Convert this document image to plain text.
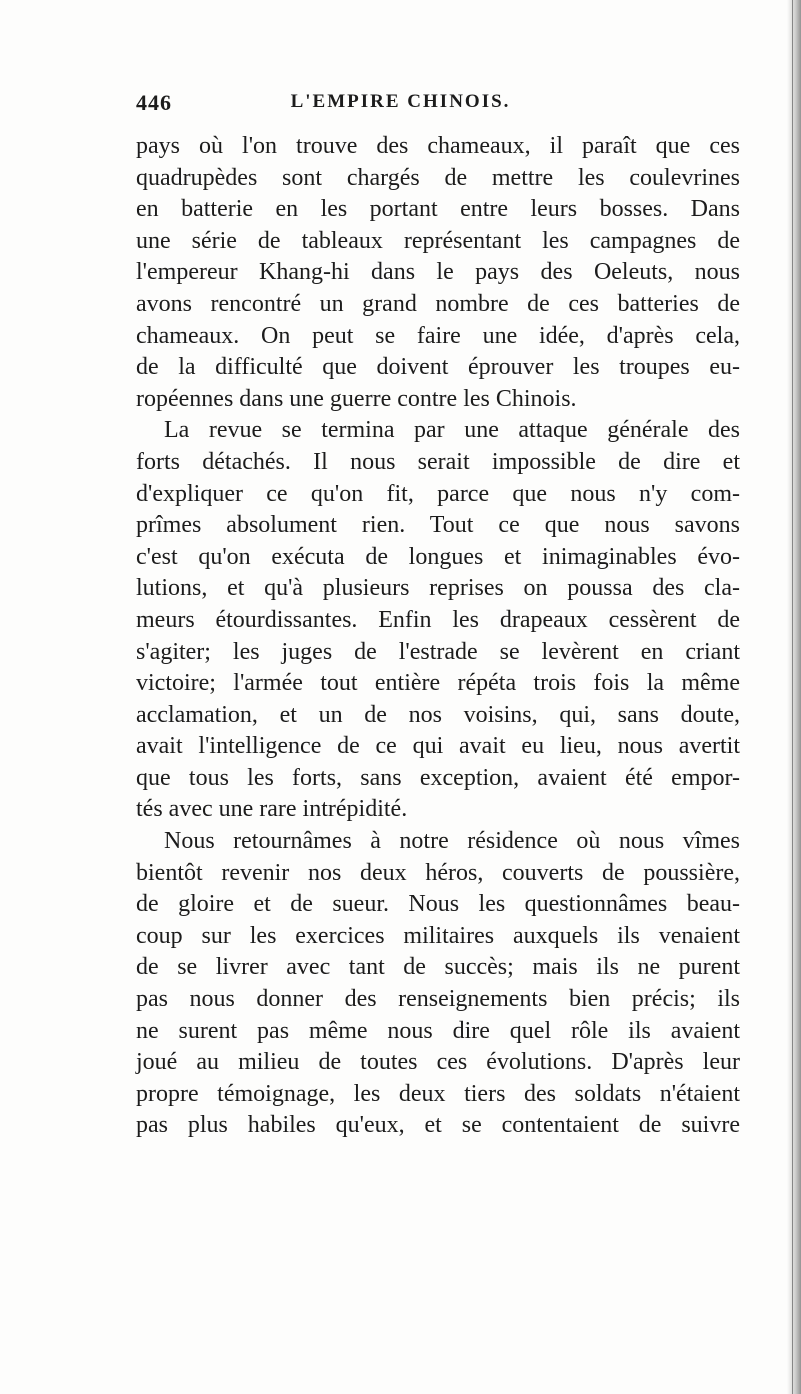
446	L'EMPIRE CHINOIS.
pays où l'on trouve des chameaux, il paraît que ces
quadrupèdes sont chargés de mettre les coulevrines
en batterie en les portant entre leurs bosses. Dans
une série de tableaux représentant les campagnes de
l'empereur Khang-hi dans le pays des Oeleuts, nous
avons rencontré un grand nombre de ces batteries de
chameaux. On peut se faire une idée, d'après cela,
de la difficulté que doivent éprouver les troupes eu-
ropéennes dans une guerre contre les Chinois.
La revue se termina par une attaque générale des
forts détachés. Il nous serait impossible de dire et
d'expliquer ce qu'on fit, parce que nous n'y com-
prîmes absolument rien. Tout ce que nous savons
c'est qu'on exécuta de longues et inimaginables évo-
lutions, et qu'à plusieurs reprises on poussa des cla-
meurs étourdissantes. Enfin les drapeaux cessèrent de
s'agiter; les juges de l'estrade se levèrent en criant
victoire; l'armée tout entière répéta trois fois la même
acclamation, et un de nos voisins, qui, sans doute,
avait l'intelligence de ce qui avait eu lieu, nous avertit
que tous les forts, sans exception, avaient été empor-
tés avec une rare intrépidité.
Nous retournâmes à notre résidence où nous vîmes
bientôt revenir nos deux héros, couverts de poussière,
de gloire et de sueur. Nous les questionnâmes beau-
coup sur les exercices militaires auxquels ils venaient
de se livrer avec tant de succès; mais ils ne purent
pas nous donner des renseignements bien précis; ils
ne surent pas même nous dire quel rôle ils avaient
joué au milieu de toutes ces évolutions. D'après leur
propre témoignage, les deux tiers des soldats n'étaient
pas plus habiles qu'eux, et se contentaient de suivre
